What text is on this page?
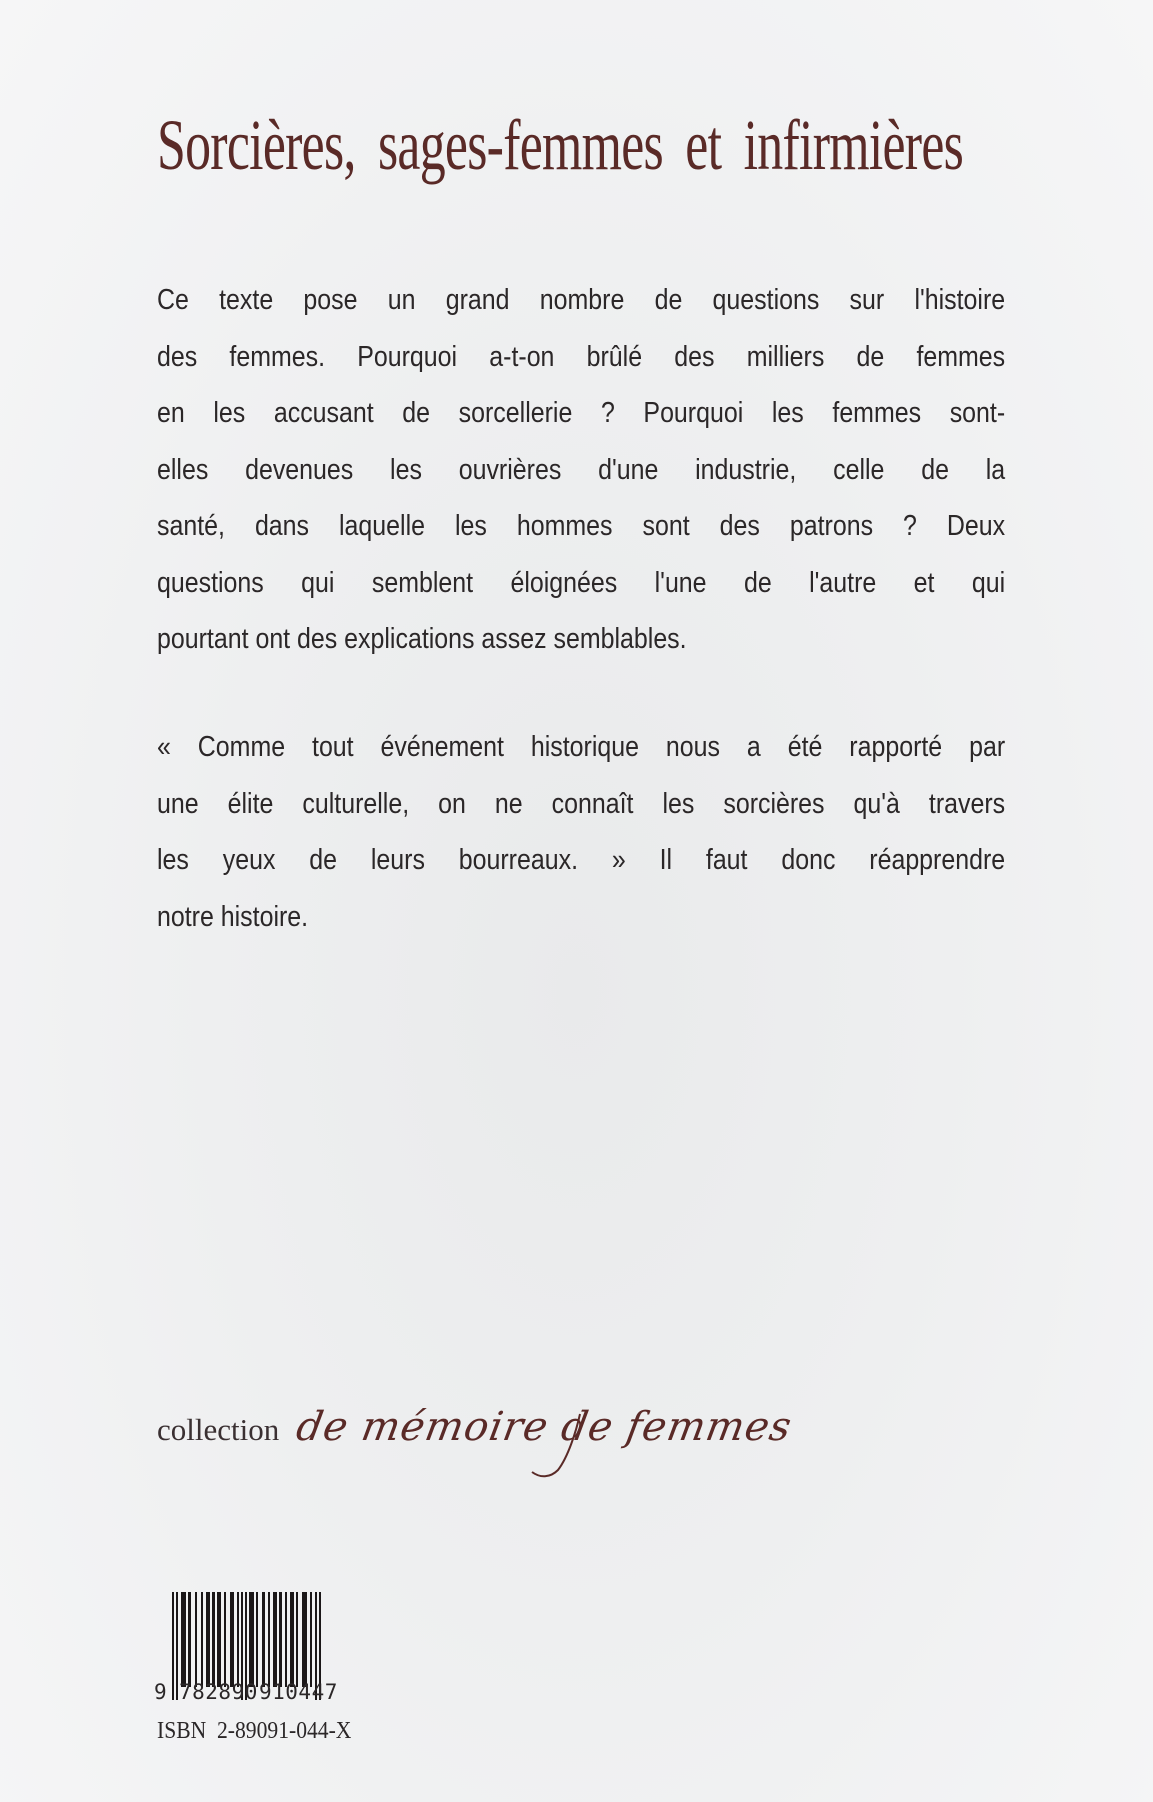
Sorcières, sages-femmes et infirmières
Ce texte pose un grand nombre de questions sur l'histoire
des femmes. Pourquoi a-t-on brûlé des milliers de femmes
en les accusant de sorcellerie ? Pourquoi les femmes sont-
elles devenues les ouvrières d'une industrie, celle de la
santé, dans laquelle les hommes sont des patrons ? Deux
questions qui semblent éloignées l'une de l'autre et qui
pourtant ont des explications assez semblables.
« Comme tout événement historique nous a été rapporté par
une élite culturelle, on ne connaît les sorcières qu'à travers
les yeux de leurs bourreaux. » Il faut donc réapprendre
notre histoire.
collection de mémoire de femmes
9 782890 910447
ISBN 2-89091-044-X
